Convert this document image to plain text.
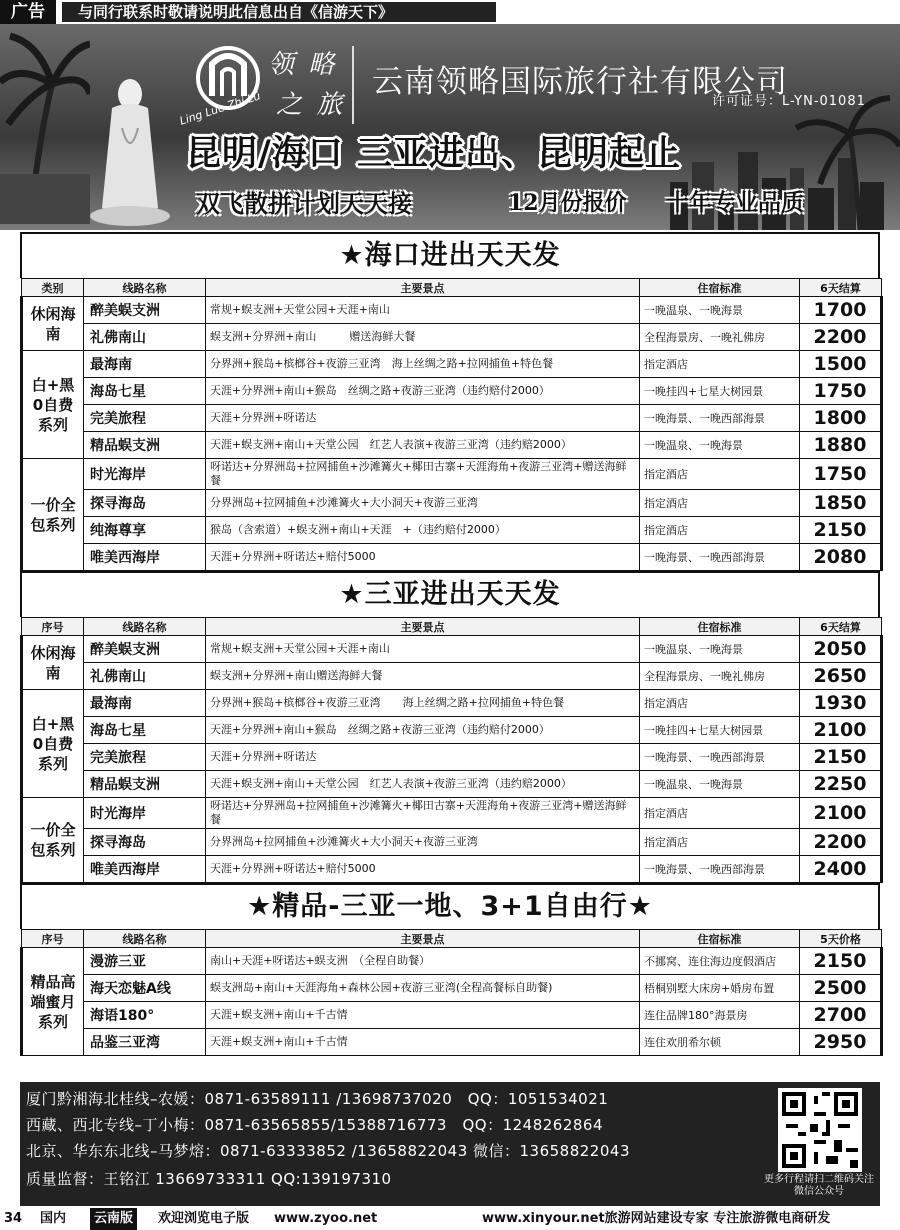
广告	与同行联系时敬请说明此信息出自《信游天下》
领 略
之 旅
Ling Lue Zhi Lü
云南领略国际旅行社有限公司
许可证号：L-YN-01081
昆明/海口 三亚进出、昆明起止
双飞散拼计划天天接	12月份报价 十年专业品质
★海口进出天天发
类别	线路名称	主要景点	住宿标准	6天结算
休闲海南	醉美蜈支洲	常规+蜈支洲+天堂公园+天涯+南山	一晚温泉、一晚海景	1700
	礼佛南山	蜈支洲+分界洲+南山　　　赠送海鲜大餐	全程海景房、一晚礼佛房	2200
白+黑0自费系列	最海南	分界洲+猴岛+槟榔谷+夜游三亚湾　海上丝绸之路+拉网捕鱼+特色餐	指定酒店	1500
	海岛七星	天涯+分界洲+南山+猴岛　丝绸之路+夜游三亚湾（违约赔付2000）	一晚挂四+七星大树园景	1750
	完美旅程	天涯+分界洲+呀诺达	一晚海景、一晚西部海景	1800
	精品蜈支洲	天涯+蜈支洲+南山+天堂公园　红艺人表演+夜游三亚湾（违约赔2000）	一晚温泉、一晚海景	1880
一价全包系列	时光海岸	呀诺达+分界洲岛+拉网捕鱼+沙滩篝火+椰田古寨+天涯海角+夜游三亚湾+赠送海鲜餐	指定酒店	1750
	探寻海岛	分界洲岛+拉网捕鱼+沙滩篝火+大小洞天+夜游三亚湾	指定酒店	1850
	纯海尊享	猴岛（含索道）+蜈支洲+南山+天涯　+（违约赔付2000）	指定酒店	2150
	唯美西海岸	天涯+分界洲+呀诺达+赔付5000	一晚海景、一晚西部海景	2080
★三亚进出天天发
序号	线路名称	主要景点	住宿标准	6天结算
休闲海南	醉美蜈支洲	常规+蜈支洲+天堂公园+天涯+南山	一晚温泉、一晚海景	2050
	礼佛南山	蜈支洲+分界洲+南山赠送海鲜大餐	全程海景房、一晚礼佛房	2650
白+黑0自费系列	最海南	分界洲+猴岛+槟榔谷+夜游三亚湾　　海上丝绸之路+拉网捕鱼+特色餐	指定酒店	1930
	海岛七星	天涯+分界洲+南山+猴岛　丝绸之路+夜游三亚湾（违约赔付2000）	一晚挂四+七星大树园景	2100
	完美旅程	天涯+分界洲+呀诺达	一晚海景、一晚西部海景	2150
	精品蜈支洲	天涯+蜈支洲+南山+天堂公园　红艺人表演+夜游三亚湾（违约赔2000）	一晚温泉、一晚海景	2250
一价全包系列	时光海岸	呀诺达+分界洲岛+拉网捕鱼+沙滩篝火+椰田古寨+天涯海角+夜游三亚湾+赠送海鲜餐	指定酒店	2100
	探寻海岛	分界洲岛+拉网捕鱼+沙滩篝火+大小洞天+夜游三亚湾	指定酒店	2200
	唯美西海岸	天涯+分界洲+呀诺达+赔付5000	一晚海景、一晚西部海景	2400
★精品-三亚一地、3+1自由行★
序号	线路名称	主要景点	住宿标准	5天价格
精品高端蜜月系列	漫游三亚	南山+天涯+呀诺达+蜈支洲　（全程自助餐）	不挪窝、连住海边度假酒店	2150
	海天恋魅A线	蜈支洲岛+南山+天涯海角+森林公园+夜游三亚湾(全程高餐标自助餐)	梧桐别墅大床房+婚房布置	2500
	海语180°	天涯+蜈支洲+南山+千古情	连住品牌180°海景房	2700
	品鉴三亚湾	天涯+蜈支洲+南山+千古情	连住欢朋希尔顿	2950
厦门黔湘海北桂线–农媛：0871-63589111 /13698737020　QQ：1051534021
西藏、西北专线–丁小梅：0871-63565855/15388716773　QQ：1248262864
北京、华东东北线–马梦熔：0871-63333852 /13658822043 微信：13658822043
质量监督：王铭江 13669733311 QQ:139197310	更多行程请扫二维码关注微信公众号
34 国内	云南版	欢迎浏览电子版 www.zyoo.net	www.xinyour.net旅游网站建设专家 专注旅游微电商研发
